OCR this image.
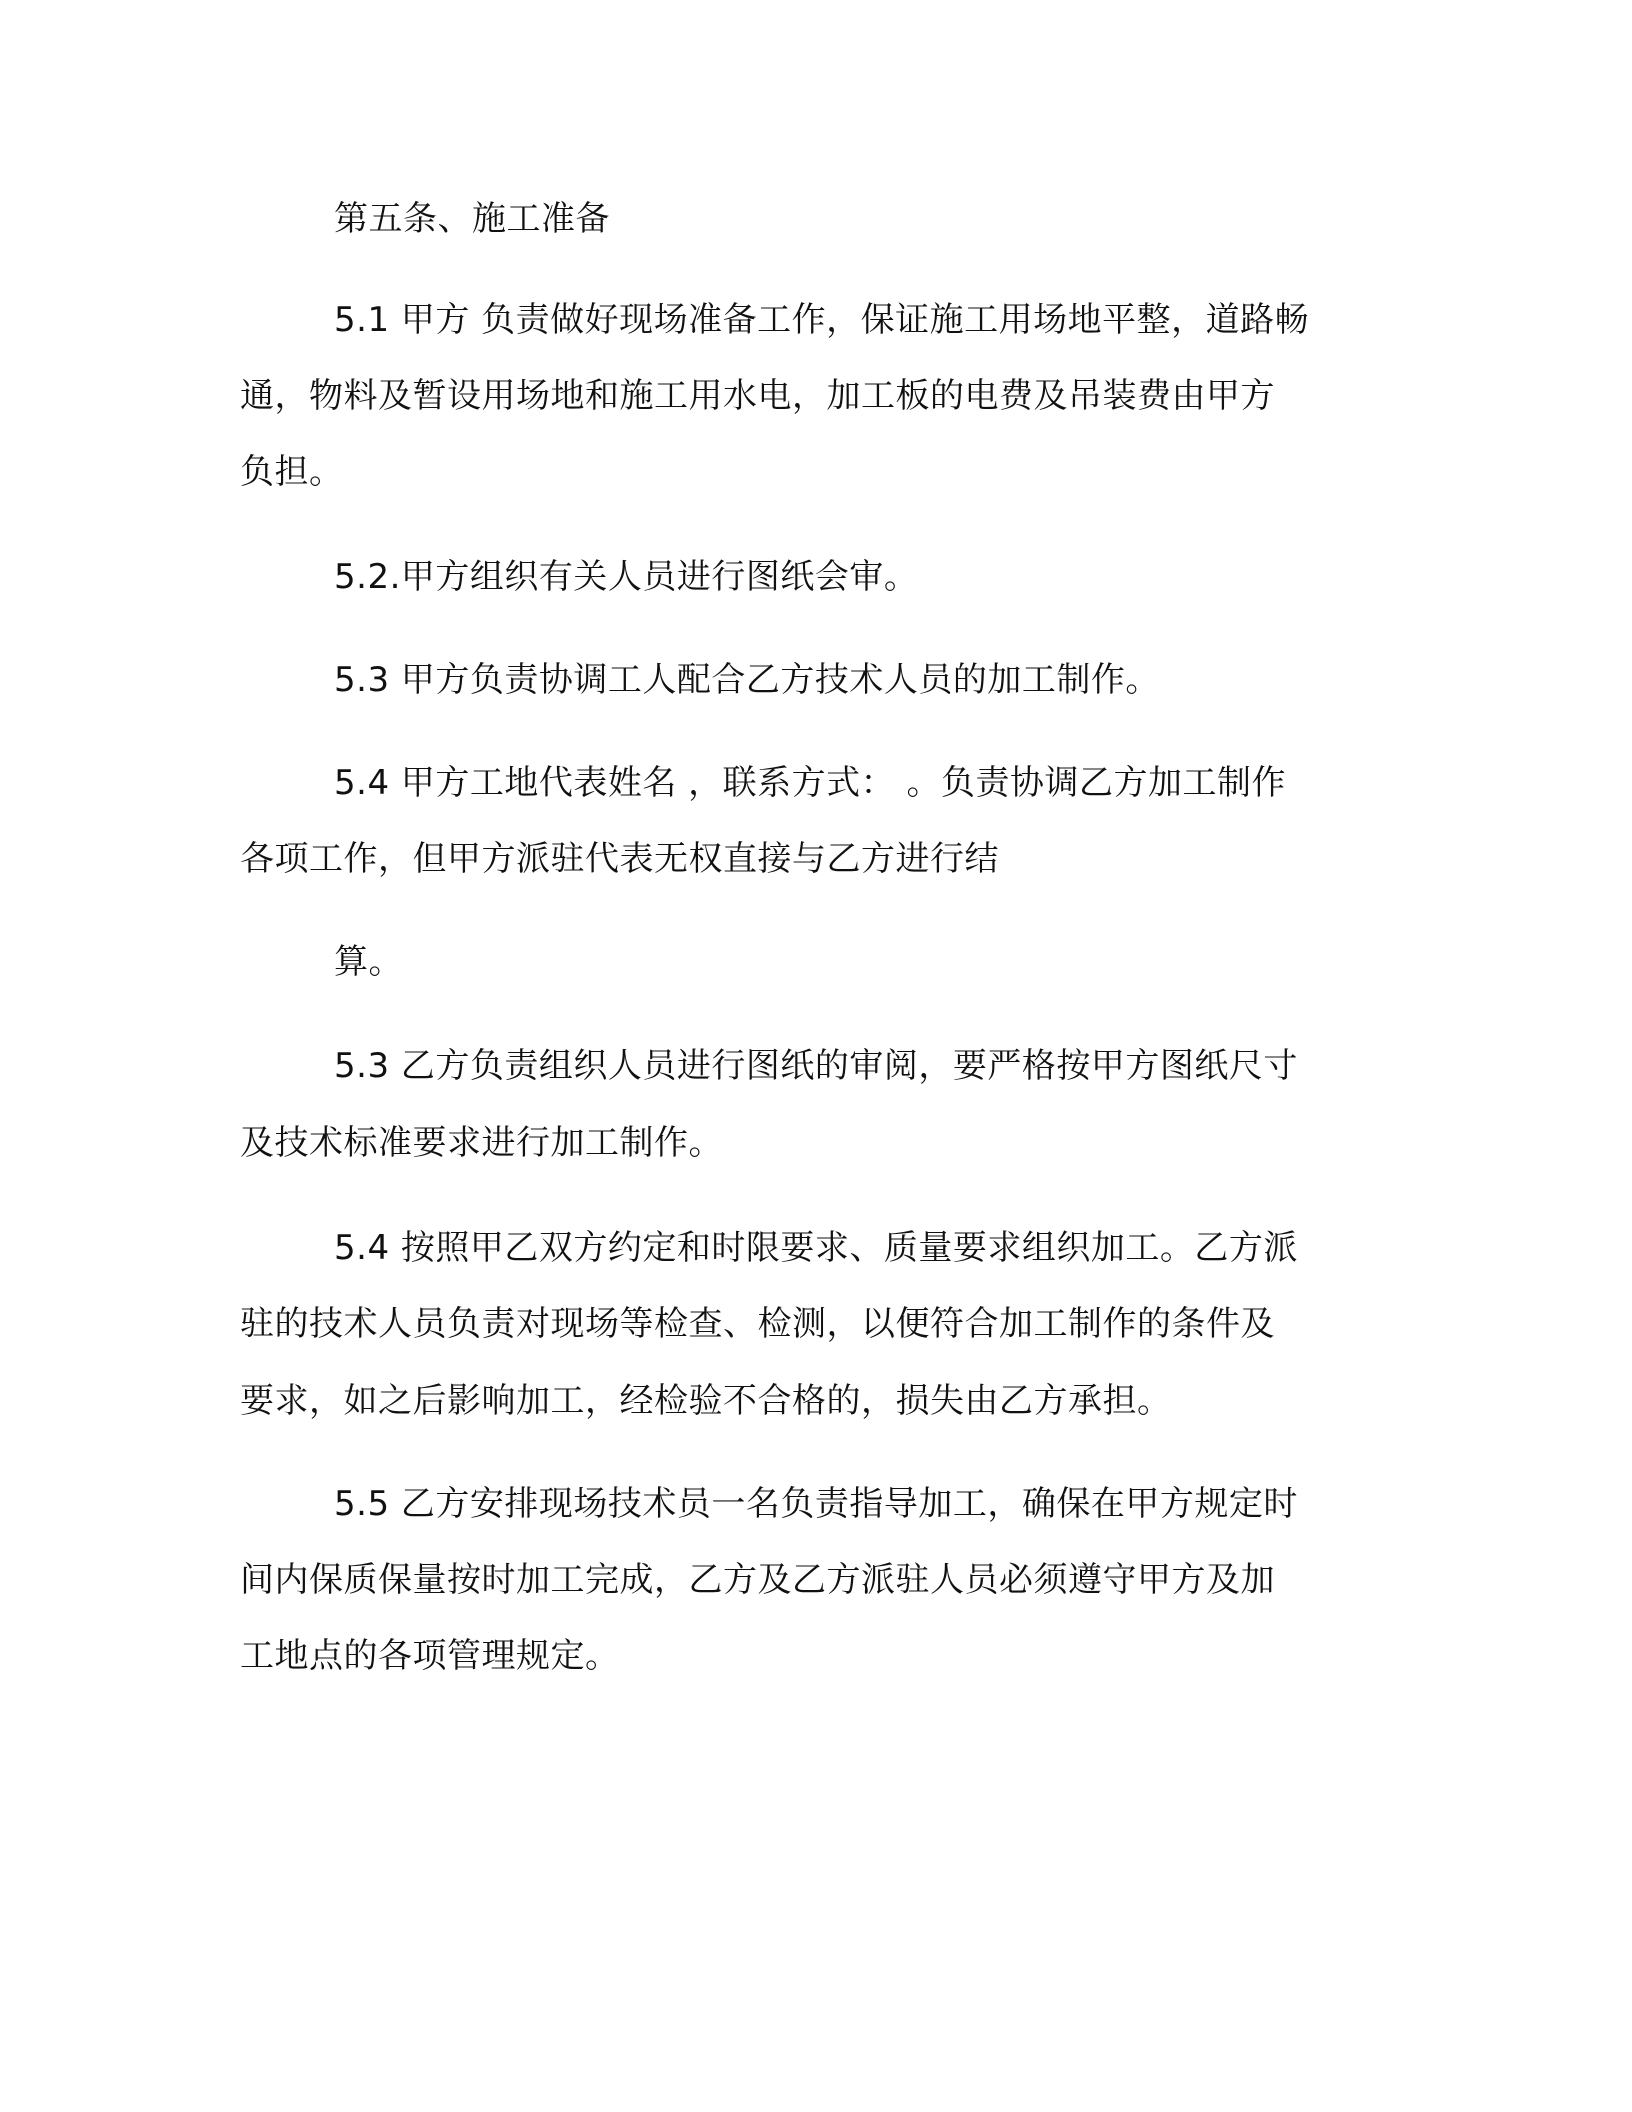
第五条、施工准备
5.1 甲方 负责做好现场准备工作，保证施工用场地平整，道路畅
通，物料及暂设用场地和施工用水电，加工板的电费及吊装费由甲方
负担。
5.2.甲方组织有关人员进行图纸会审。
5.3 甲方负责协调工人配合乙方技术人员的加工制作。
5.4 甲方工地代表姓名 ，联系方式： 。负责协调乙方加工制作
各项工作，但甲方派驻代表无权直接与乙方进行结
算。
5.3 乙方负责组织人员进行图纸的审阅，要严格按甲方图纸尺寸
及技术标准要求进行加工制作。
5.4 按照甲乙双方约定和时限要求、质量要求组织加工。乙方派
驻的技术人员负责对现场等检查、检测，以便符合加工制作的条件及
要求，如之后影响加工，经检验不合格的，损失由乙方承担。
5.5 乙方安排现场技术员一名负责指导加工，确保在甲方规定时
间内保质保量按时加工完成，乙方及乙方派驻人员必须遵守甲方及加
工地点的各项管理规定。
